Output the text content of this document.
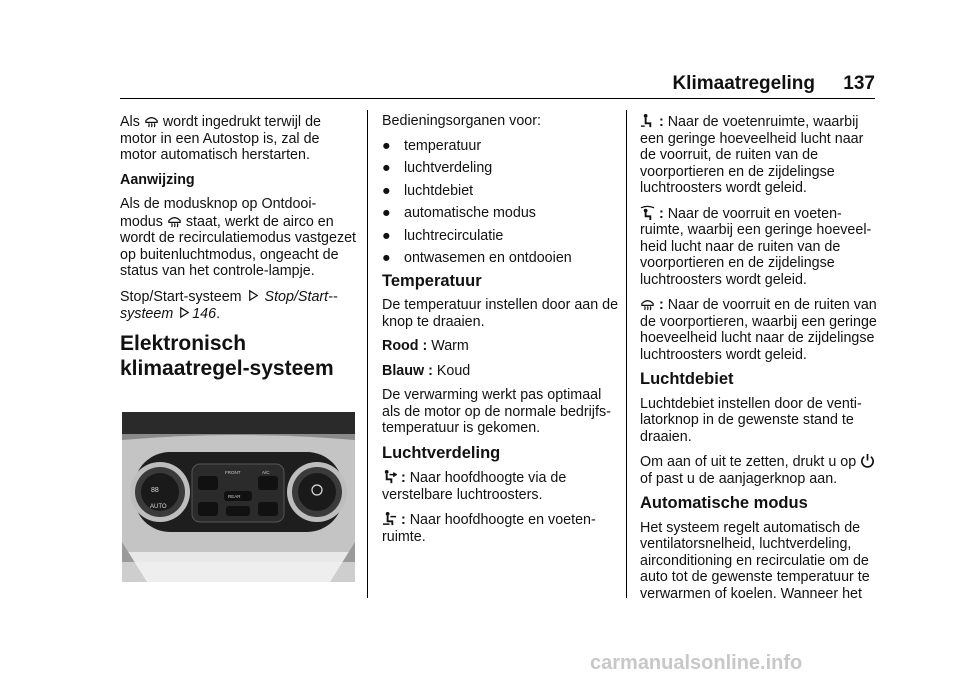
Klimaatregeling 137

Als wordt ingedrukt terwijl de motor in een Autostop is, zal de motor automatisch herstarten.

Aanwijzing

Als de modusknop op Ontdooi-modus staat, werkt de airco en wordt de recirculatiemodus vastgezet op buitenluchtmodus, ongeacht de status van het controle-lampje.

Stop/Start-systeem Stop/Start--systeem 146.

Elektronisch klimaatregel-systeem

88
AUTO
FRONT	A/C
REAR

Bedieningsorganen voor:

● temperatuur
● luchtverdeling
● luchtdebiet
● automatische modus
● luchtrecirculatie
● ontwasemen en ontdooien

Temperatuur

De temperatuur instellen door aan de knop te draaien.

Rood : Warm

Blauw : Koud

De verwarming werkt pas optimaal als de motor op de normale bedrijfs-temperatuur is gekomen.

Luchtverdeling

: Naar hoofdhoogte via de verstelbare luchtroosters.

: Naar hoofdhoogte en voeten-ruimte.

: Naar de voetenruimte, waarbij een geringe hoeveelheid lucht naar de voorruit, de ruiten van de voorportieren en de zijdelingse luchtroosters wordt geleid.

: Naar de voorruit en voeten-ruimte, waarbij een geringe hoeveel-heid lucht naar de ruiten van de voorportieren en de zijdelingse luchtroosters wordt geleid.

: Naar de voorruit en de ruiten van de voorportieren, waarbij een geringe hoeveelheid lucht naar de zijdelingse luchtroosters wordt geleid.

Luchtdebiet

Luchtdebiet instellen door de venti-latorknop in de gewenste stand te draaien.

Om aan of uit te zetten, drukt u op  of past u de aanjagerknop aan.

Automatische modus

Het systeem regelt automatisch de ventilatorsnelheid, luchtverdeling, airconditioning en recirculatie om de auto tot de gewenste temperatuur te verwarmen of koelen. Wanneer het

carmanualsonline.info
